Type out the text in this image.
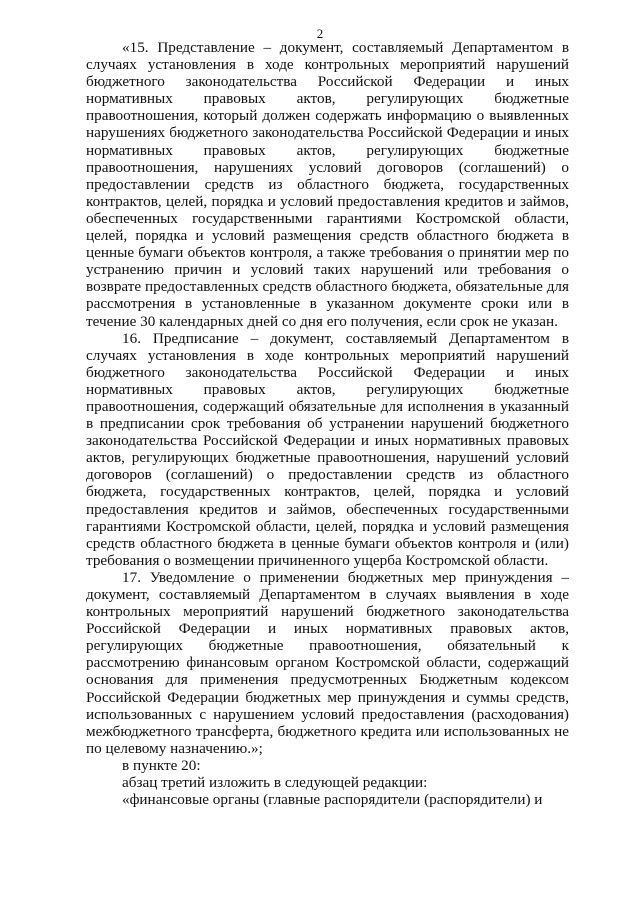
2

«15. Представление – документ, составляемый Департаментом в случаях установления в ходе контрольных мероприятий нарушений бюджетного законодательства Российской Федерации и иных нормативных правовых актов, регулирующих бюджетные правоотношения, который должен содержать информацию о выявленных нарушениях бюджетного законодательства Российской Федерации и иных нормативных правовых актов, регулирующих бюджетные правоотношения, нарушениях условий договоров (соглашений) о предоставлении средств из областного бюджета, государственных контрактов, целей, порядка и условий предоставления кредитов и займов, обеспеченных государственными гарантиями Костромской области, целей, порядка и условий размещения средств областного бюджета в ценные бумаги объектов контроля, а также требования о принятии мер по устранению причин и условий таких нарушений или требования о возврате предоставленных средств областного бюджета, обязательные для рассмотрения в установленные в указанном документе сроки или в течение 30 календарных дней со дня его получения, если срок не указан.

16. Предписание – документ, составляемый Департаментом в случаях установления в ходе контрольных мероприятий нарушений бюджетного законодательства Российской Федерации и иных нормативных правовых актов, регулирующих бюджетные правоотношения, содержащий обязательные для исполнения в указанный в предписании срок требования об устранении нарушений бюджетного законодательства Российской Федерации и иных нормативных правовых актов, регулирующих бюджетные правоотношения, нарушений условий договоров (соглашений) о предоставлении средств из областного бюджета, государственных контрактов, целей, порядка и условий предоставления кредитов и займов, обеспеченных государственными гарантиями Костромской области, целей, порядка и условий размещения средств областного бюджета в ценные бумаги объектов контроля и (или) требования о возмещении причиненного ущерба Костромской области.

17. Уведомление о применении бюджетных мер принуждения – документ, составляемый Департаментом в случаях выявления в ходе контрольных мероприятий нарушений бюджетного законодательства Российской Федерации и иных нормативных правовых актов, регулирующих бюджетные правоотношения, обязательный к рассмотрению финансовым органом Костромской области, содержащий основания для применения предусмотренных Бюджетным кодексом Российской Федерации бюджетных мер принуждения и суммы средств, использованных с нарушением условий предоставления (расходования) межбюджетного трансферта, бюджетного кредита или использованных не по целевому назначению.»;

в пункте 20:

абзац третий изложить в следующей редакции:

«финансовые органы (главные распорядители (распорядители) и
